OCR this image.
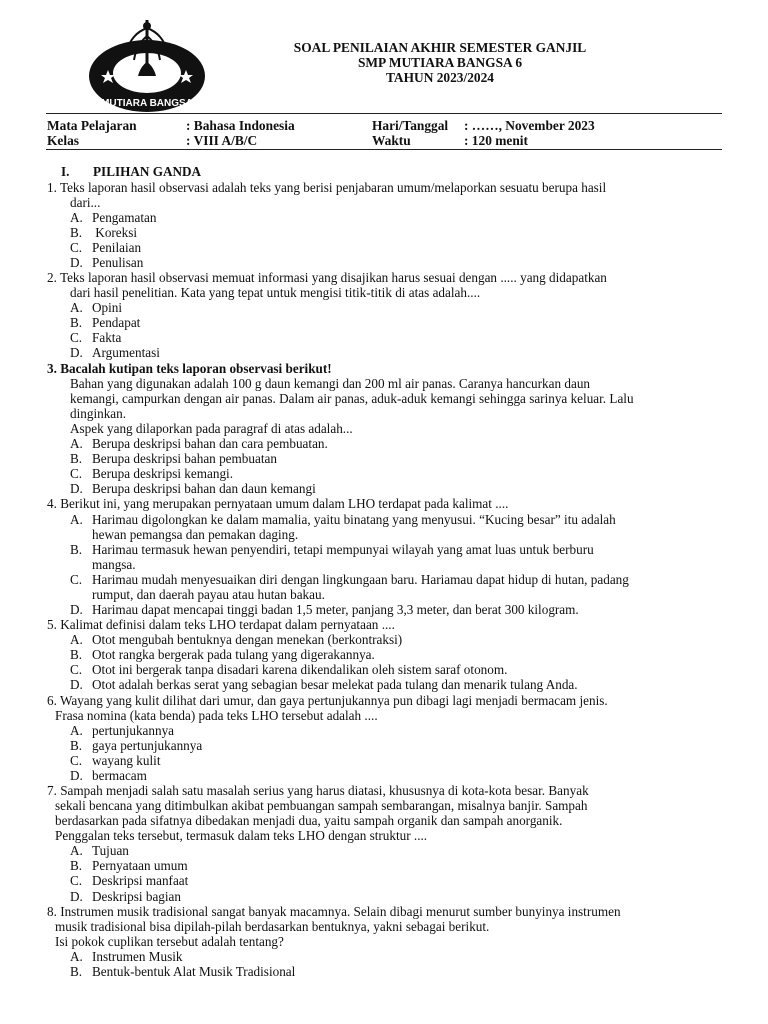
MUTIARA BANGSA
SOAL PENILAIAN AKHIR SEMESTER GANJIL
SMP MUTIARA BANGSA 6
TAHUN 2023/2024
Mata Pelajaran	: Bahasa Indonesia	Hari/Tanggal : ……, November 2023
Kelas	: VIII A/B/C	Waktu	: 120 menit
I. PILIHAN GANDA
1. Teks laporan hasil observasi adalah teks yang berisi penjabaran umum/melaporkan sesuatu berupa hasil
dari...
A. Pengamatan
B. Koreksi
C. Penilaian
D. Penulisan
2. Teks laporan hasil observasi memuat informasi yang disajikan harus sesuai dengan ..... yang didapatkan
dari hasil penelitian. Kata yang tepat untuk mengisi titik-titik di atas adalah....
A. Opini
B. Pendapat
C. Fakta
D. Argumentasi
3. Bacalah kutipan teks laporan observasi berikut!
Bahan yang digunakan adalah 100 g daun kemangi dan 200 ml air panas. Caranya hancurkan daun
kemangi, campurkan dengan air panas. Dalam air panas, aduk-aduk kemangi sehingga sarinya keluar. Lalu
dinginkan.
Aspek yang dilaporkan pada paragraf di atas adalah...
A. Berupa deskripsi bahan dan cara pembuatan.
B. Berupa deskripsi bahan pembuatan
C. Berupa deskripsi kemangi.
D. Berupa deskripsi bahan dan daun kemangi
4. Berikut ini, yang merupakan pernyataan umum dalam LHO terdapat pada kalimat ....
A. Harimau digolongkan ke dalam mamalia, yaitu binatang yang menyusui. “Kucing besar” itu adalah
hewan pemangsa dan pemakan daging.
B. Harimau termasuk hewan penyendiri, tetapi mempunyai wilayah yang amat luas untuk berburu
mangsa.
C. Harimau mudah menyesuaikan diri dengan lingkungaan baru. Hariamau dapat hidup di hutan, padang
rumput, dan daerah payau atau hutan bakau.
D. Harimau dapat mencapai tinggi badan 1,5 meter, panjang 3,3 meter, dan berat 300 kilogram.
5. Kalimat definisi dalam teks LHO terdapat dalam pernyataan ....
A. Otot mengubah bentuknya dengan menekan (berkontraksi)
B. Otot rangka bergerak pada tulang yang digerakannya.
C. Otot ini bergerak tanpa disadari karena dikendalikan oleh sistem saraf otonom.
D. Otot adalah berkas serat yang sebagian besar melekat pada tulang dan menarik tulang Anda.
6. Wayang yang kulit dilihat dari umur, dan gaya pertunjukannya pun dibagi lagi menjadi bermacam jenis.
Frasa nomina (kata benda) pada teks LHO tersebut adalah ....
A. pertunjukannya
B. gaya pertunjukannya
C. wayang kulit
D. bermacam
7. Sampah menjadi salah satu masalah serius yang harus diatasi, khususnya di kota-kota besar. Banyak
sekali bencana yang ditimbulkan akibat pembuangan sampah sembarangan, misalnya banjir. Sampah
berdasarkan pada sifatnya dibedakan menjadi dua, yaitu sampah organik dan sampah anorganik.
Penggalan teks tersebut, termasuk dalam teks LHO dengan struktur ....
A. Tujuan
B. Pernyataan umum
C. Deskripsi manfaat
D. Deskripsi bagian
8. Instrumen musik tradisional sangat banyak macamnya. Selain dibagi menurut sumber bunyinya instrumen
musik tradisional bisa dipilah-pilah berdasarkan bentuknya, yakni sebagai berikut.
Isi pokok cuplikan tersebut adalah tentang?
A. Instrumen Musik
B. Bentuk-bentuk Alat Musik Tradisional
